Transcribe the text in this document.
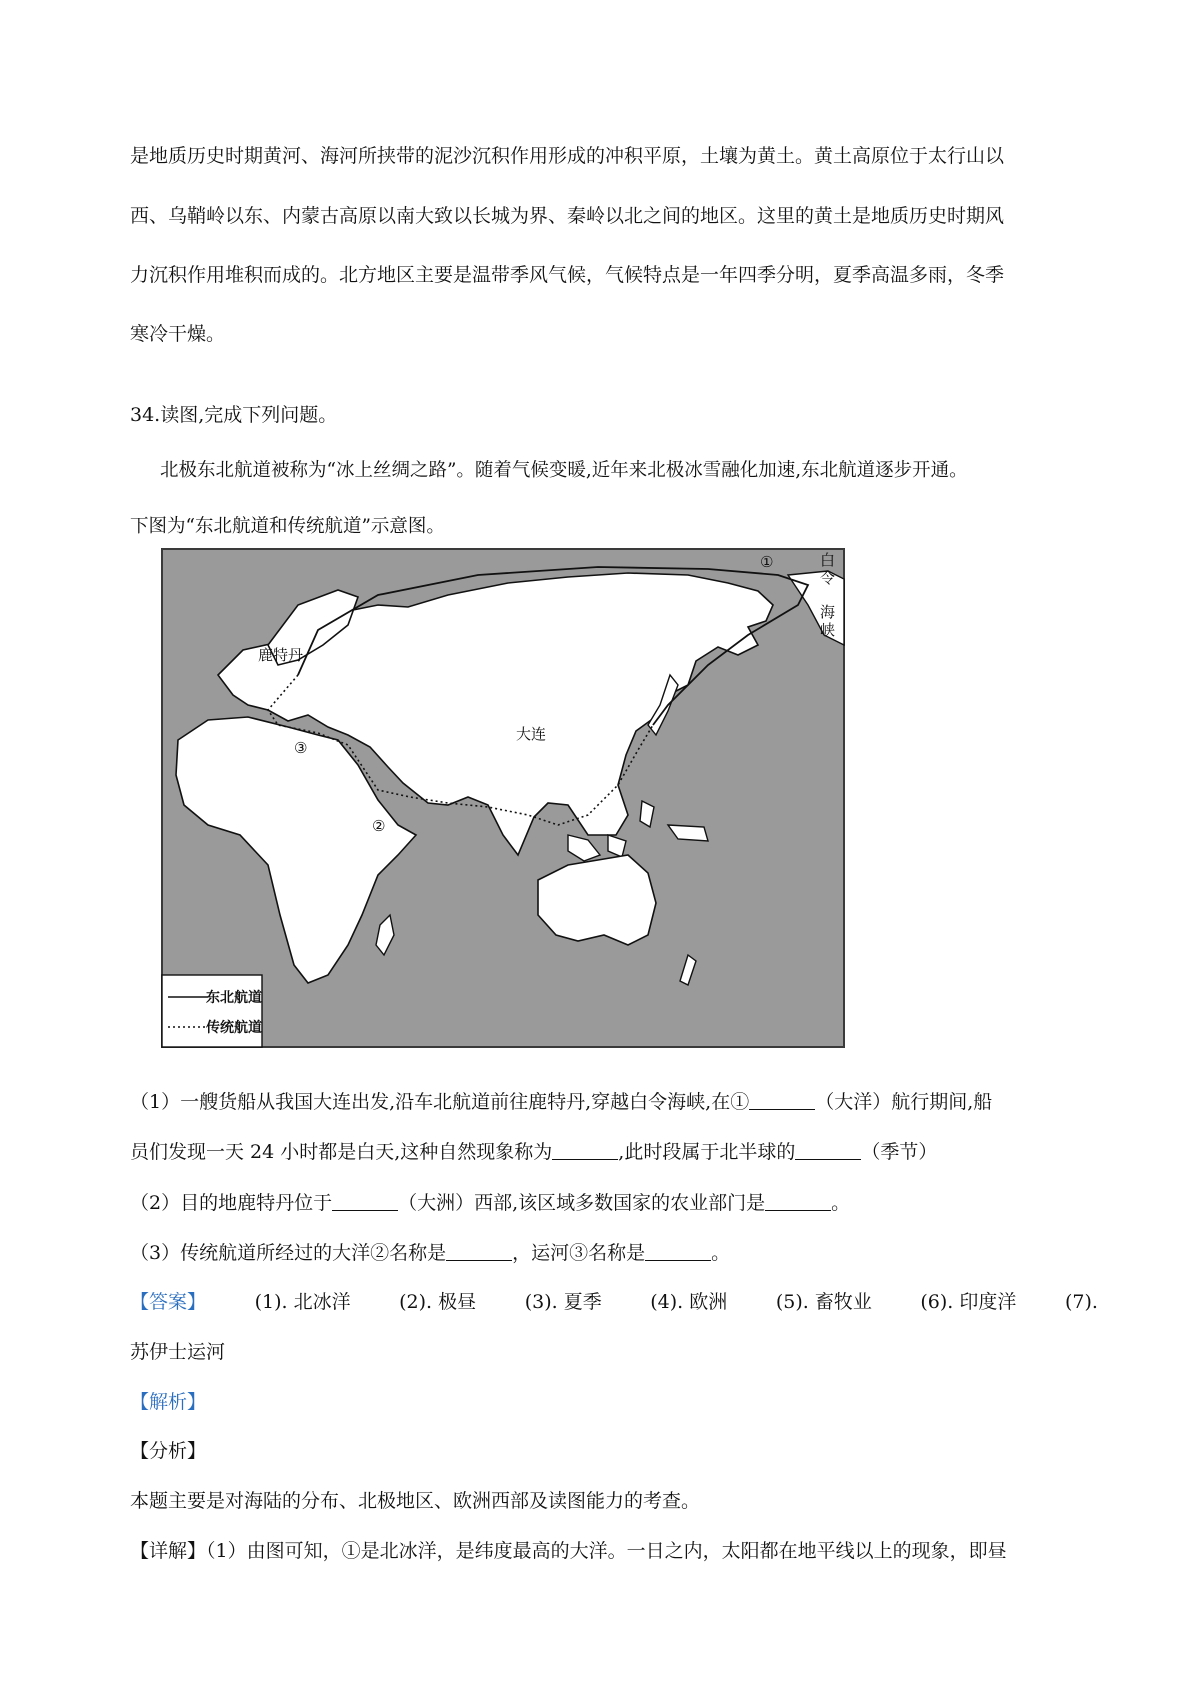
是地质历史时期黄河、海河所挟带的泥沙沉积作用形成的冲积平原，土壤为黄土。黄土高原位于太行山以
西、乌鞘岭以东、内蒙古高原以南大致以长城为界、秦岭以北之间的地区。这里的黄土是地质历史时期风
力沉积作用堆积而成的。北方地区主要是温带季风气候，气候特点是一年四季分明，夏季高温多雨，冬季
寒冷干燥。
34.读图,完成下列问题。
北极东北航道被称为“冰上丝绸之路”。随着气候变暖,近年来北极冰雪融化加速,东北航道逐步开通。
下图为“东北航道和传统航道”示意图。
鹿特丹
大连
白
令
海
峡
①
②
③
东北航道
传统航道
（1）一艘货船从我国大连出发,沿车北航道前往鹿特丹,穿越白令海峡,在①	（大洋）航行期间,船
员们发现一天 24 小时都是白天,这种自然现象称为	,此时段属于北半球的	（季节）
（2）目的地鹿特丹位于	（大洲）西部,该区域多数国家的农业部门是	。
（3）传统航道所经过的大洋②名称是	，运河③名称是	。
【答案】	(1). 北冰洋	(2). 极昼	(3). 夏季	(4). 欧洲	(5). 畜牧业	(6). 印度洋	(7).
苏伊士运河
【解析】
【分析】
本题主要是对海陆的分布、北极地区、欧洲西部及读图能力的考查。
【详解】（1）由图可知，①是北冰洋，是纬度最高的大洋。一日之内，太阳都在地平线以上的现象，即昼
